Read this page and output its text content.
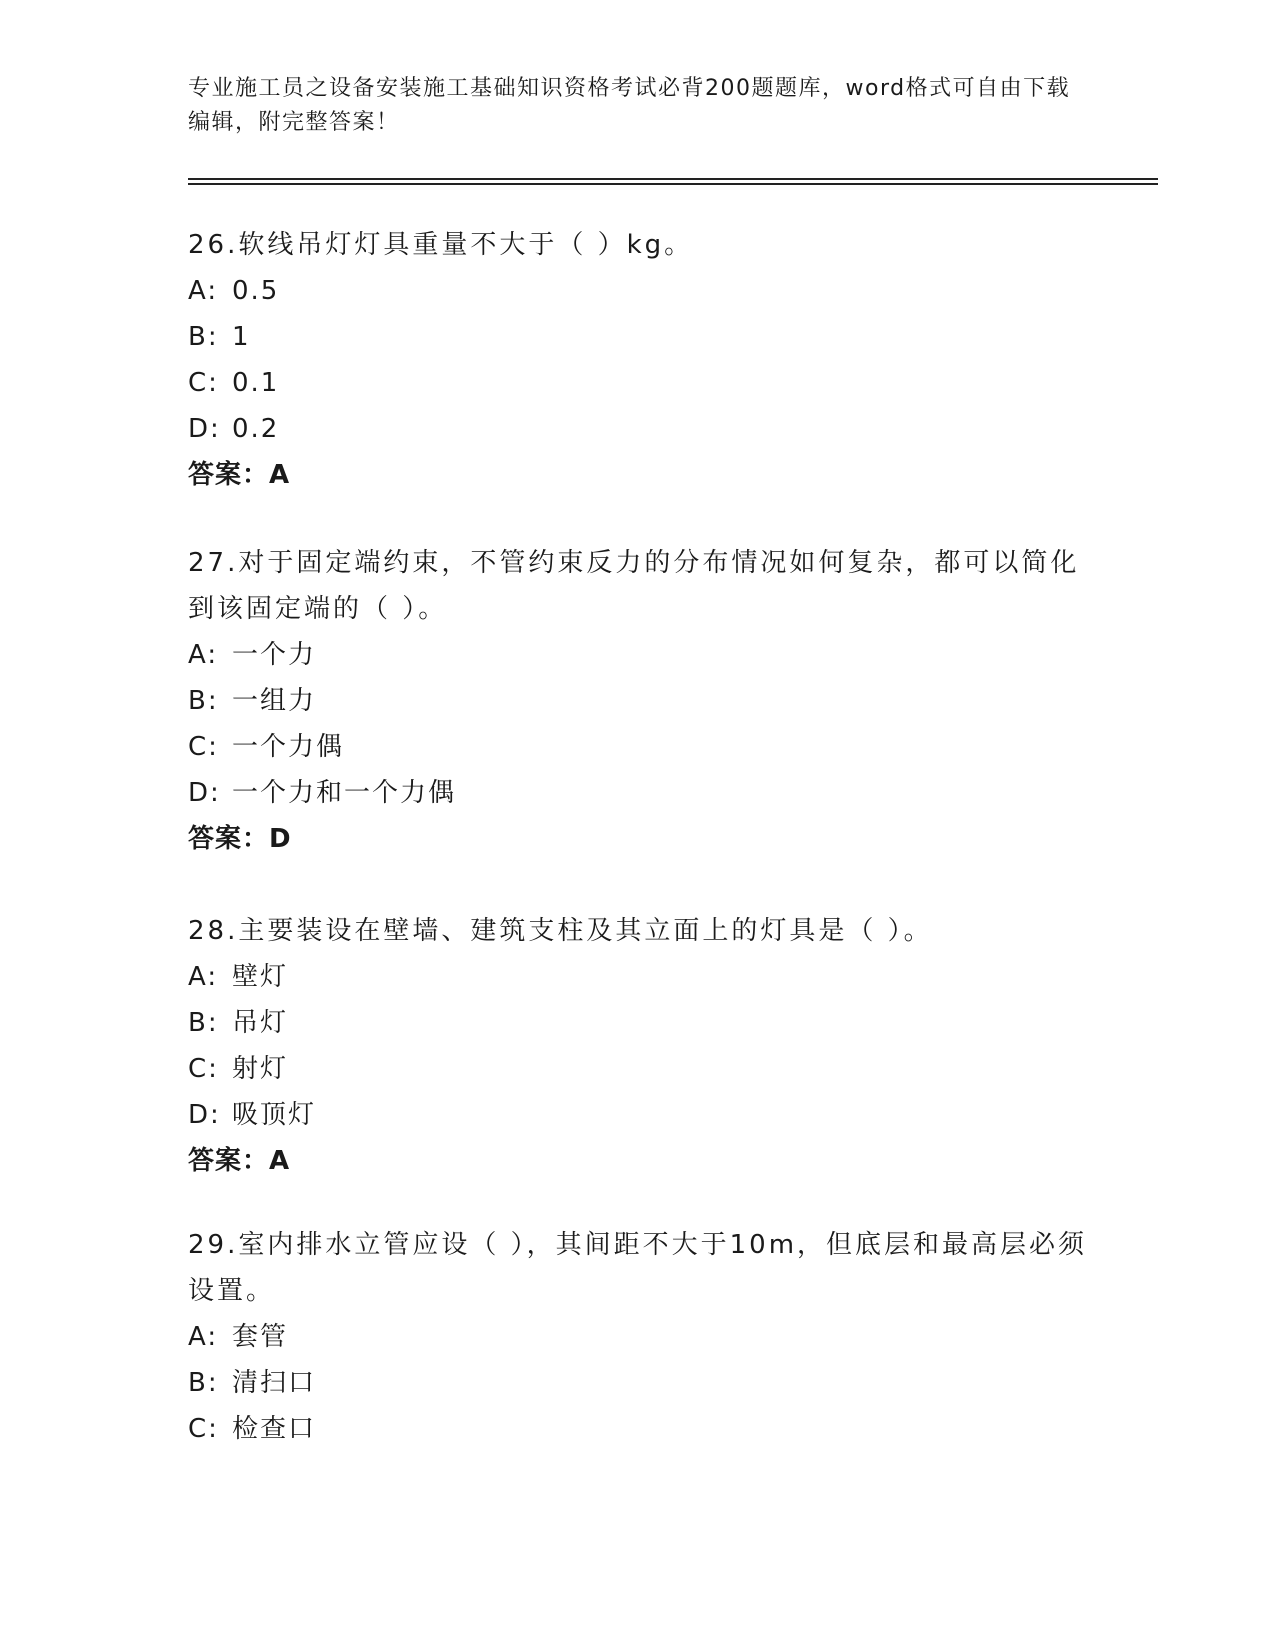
专业施工员之设备安装施工基础知识资格考试必背200题题库，word格式可自由下载编辑，附完整答案！
26.软线吊灯灯具重量不大于（ ）kg。
A: 0.5
B: 1
C: 0.1
D: 0.2
答案：A
27.对于固定端约束，不管约束反力的分布情况如何复杂，都可以简化到该固定端的（ ）。
A: 一个力
B: 一组力
C: 一个力偶
D: 一个力和一个力偶
答案：D
28.主要装设在壁墙、建筑支柱及其立面上的灯具是（ ）。
A: 壁灯
B: 吊灯
C: 射灯
D: 吸顶灯
答案：A
29.室内排水立管应设（ ），其间距不大于10m，但底层和最高层必须设置。
A: 套管
B: 清扫口
C: 检查口
